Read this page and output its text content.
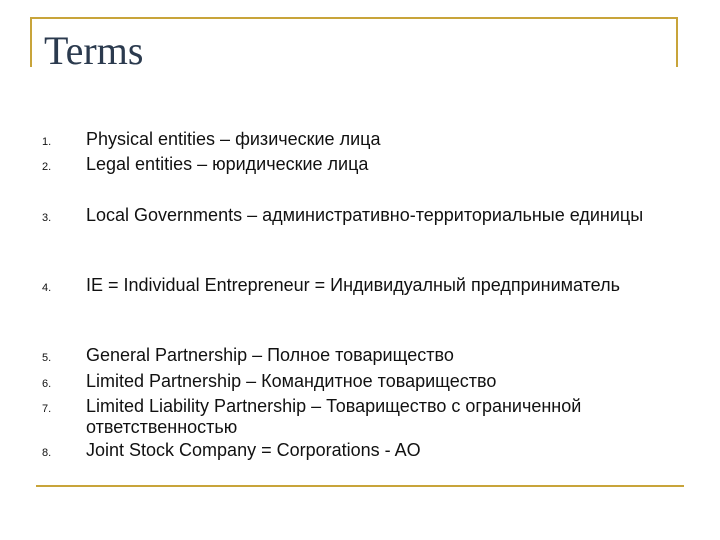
Terms
1. Physical entities – физические лица
2. Legal entities – юридические лица
3. Local Governments – административно-территориальные единицы
4. IE = Individual Entrepreneur = Индивидуалный предприниматель
5. General Partnership – Полное товарищество
6. Limited Partnership – Командитное товарищество
7. Limited Liability Partnership – Товарищество с ограниченной ответственностью
8. Joint Stock Company = Corporations - AO
